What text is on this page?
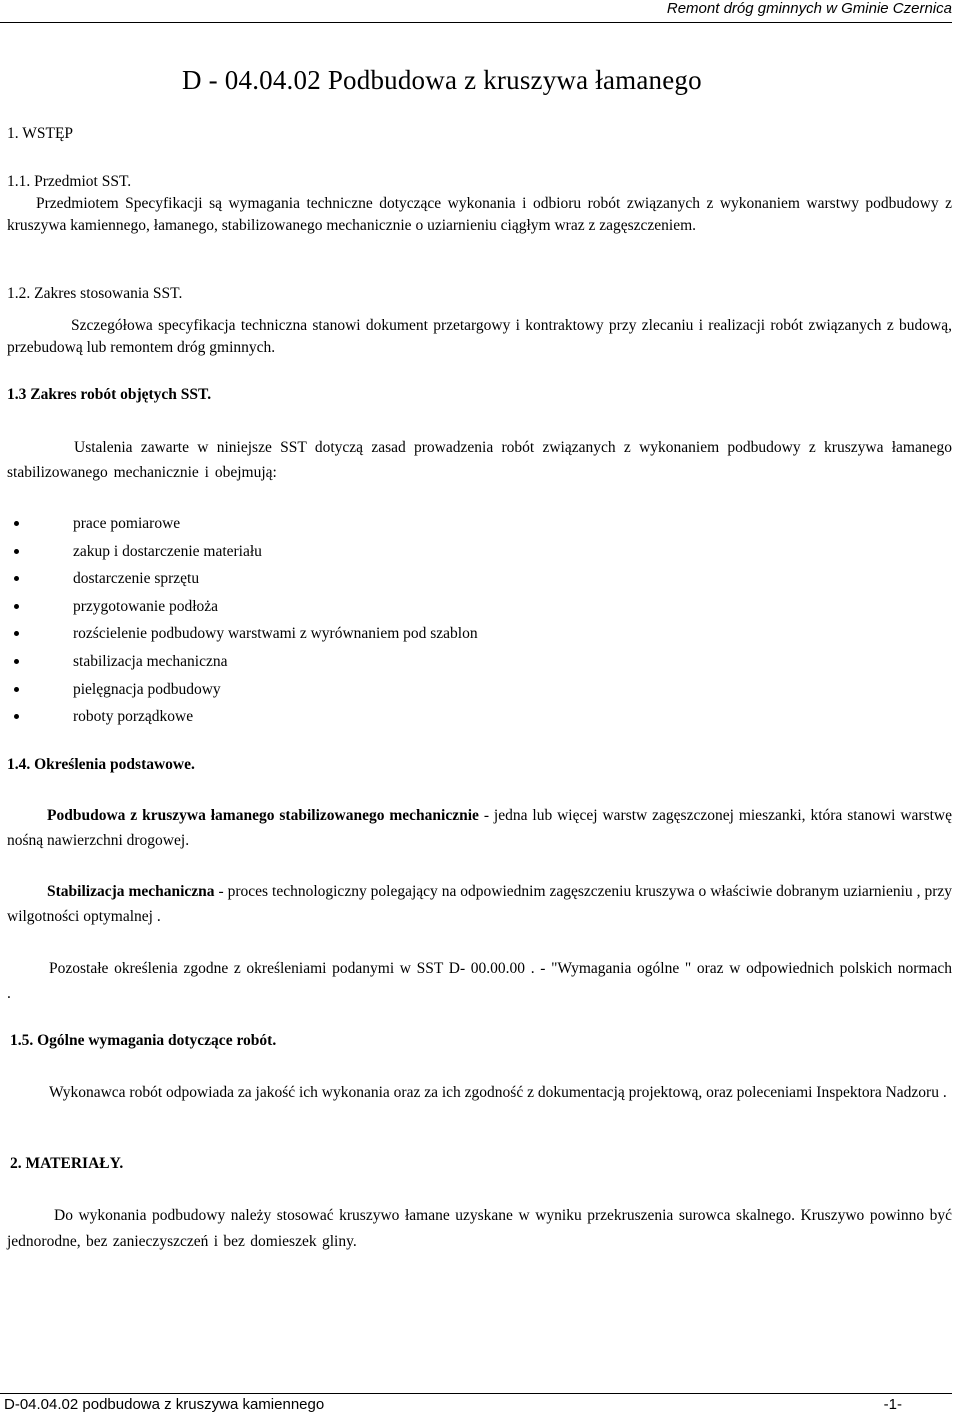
Remont dróg gminnych w Gminie Czernica
D - 04.04.02 Podbudowa z kruszywa łamanego
1. WSTĘP
1.1. Przedmiot SST.

Przedmiotem Specyfikacji są wymagania techniczne dotyczące wykonania i odbioru robót związanych z wykonaniem warstwy podbudowy z kruszywa kamiennego, łamanego, stabilizowanego mechanicznie o uziarnieniu ciągłym wraz z zagęszczeniem.

1.2. Zakres stosowania SST.

Szczegółowa specyfikacja techniczna stanowi dokument przetargowy i kontraktowy przy zlecaniu i realizacji robót związanych z budową, przebudową lub remontem dróg gminnych.

1.3 Zakres robót objętych SST.

Ustalenia zawarte w niniejsze SST dotyczą zasad prowadzenia robót związanych z wykonaniem podbudowy z kruszywa łamanego stabilizowanego mechanicznie i obejmują:

prace pomiarowe
zakup i dostarczenie materiału
dostarczenie sprzętu
przygotowanie podłoża
rozścielenie podbudowy warstwami z wyrównaniem pod szablon
stabilizacja mechaniczna
pielęgnacja podbudowy
roboty porządkowe
1.4. Określenia podstawowe.

Podbudowa z kruszywa łamanego stabilizowanego mechanicznie - jedna lub więcej warstw zagęszczonej mieszanki, która stanowi warstwę nośną nawierzchni drogowej.

Stabilizacja mechaniczna - proces technologiczny polegający na odpowiednim zagęszczeniu kruszywa o właściwie dobranym uziarnieniu , przy wilgotności optymalnej .

Pozostałe określenia zgodne z określeniami podanymi w SST D- 00.00.00 . - "Wymagania ogólne " oraz w odpowiednich polskich normach .

1.5. Ogólne wymagania dotyczące robót.

Wykonawca robót odpowiada za jakość ich wykonania oraz za ich zgodność z dokumentacją projektową, oraz poleceniami Inspektora Nadzoru .

2. MATERIAŁY.

Do wykonania podbudowy należy stosować kruszywo łamane uzyskane w wyniku przekruszenia surowca skalnego. Kruszywo powinno być jednorodne, bez zanieczyszczeń i bez domieszek gliny.

D-04.04.02 podbudowa z kruszywa kamiennego	-1-
